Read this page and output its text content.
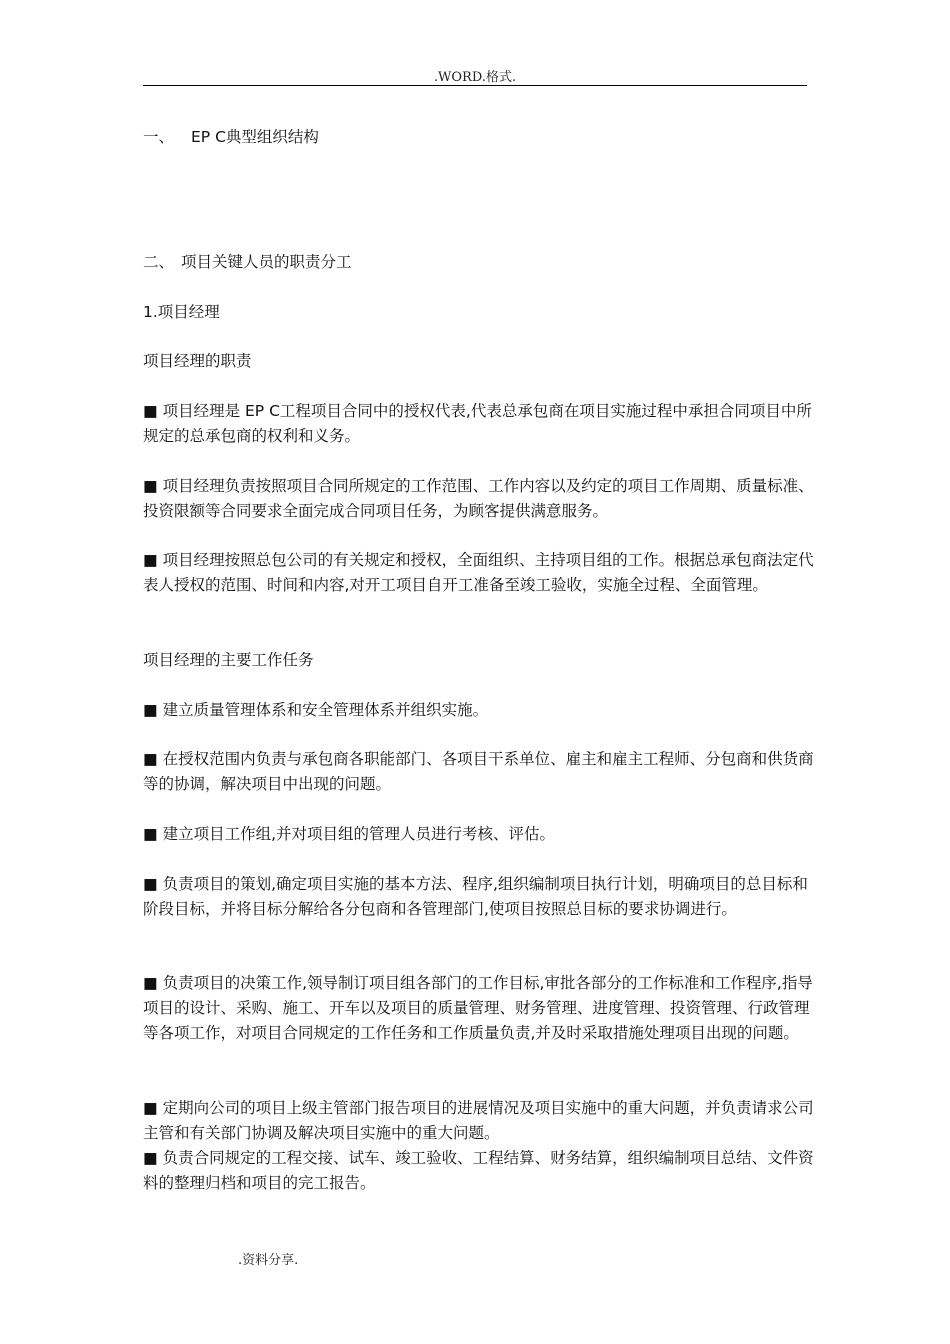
.WORD.格式.
一、 EP C典型组织结构
二、 项目关键人员的职责分工
1.项目经理
项目经理的职责

■ 项目经理是 EP C工程项目合同中的授权代表,代表总承包商在项目实施过程中承担合同项目中所规定的总承包商的权利和义务。

■ 项目经理负责按照项目合同所规定的工作范围、工作内容以及约定的项目工作周期、质量标准、投资限额等合同要求全面完成合同项目任务，为顾客提供满意服务。

■ 项目经理按照总包公司的有关规定和授权，全面组织、主持项目组的工作。根据总承包商法定代表人授权的范围、时间和内容,对开工项目自开工准备至竣工验收，实施全过程、全面管理。

项目经理的主要工作任务

■ 建立质量管理体系和安全管理体系并组织实施。

■ 在授权范围内负责与承包商各职能部门、各项目干系单位、雇主和雇主工程师、分包商和供货商等的协调，解决项目中出现的问题。

■ 建立项目工作组,并对项目组的管理人员进行考核、评估。

■ 负责项目的策划,确定项目实施的基本方法、程序,组织编制项目执行计划，明确项目的总目标和阶段目标，并将目标分解给各分包商和各管理部门,使项目按照总目标的要求协调进行。

■ 负责项目的决策工作,领导制订项目组各部门的工作目标,审批各部分的工作标准和工作程序,指导项目的设计、采购、施工、开车以及项目的质量管理、财务管理、进度管理、投资管理、行政管理等各项工作，对项目合同规定的工作任务和工作质量负责,并及时采取措施处理项目出现的问题。

■ 定期向公司的项目上级主管部门报告项目的进展情况及项目实施中的重大问题，并负责请求公司主管和有关部门协调及解决项目实施中的重大问题。

■ 负责合同规定的工程交接、试车、竣工验收、工程结算、财务结算，组织编制项目总结、文件资料的整理归档和项目的完工报告。

.资料分享.
